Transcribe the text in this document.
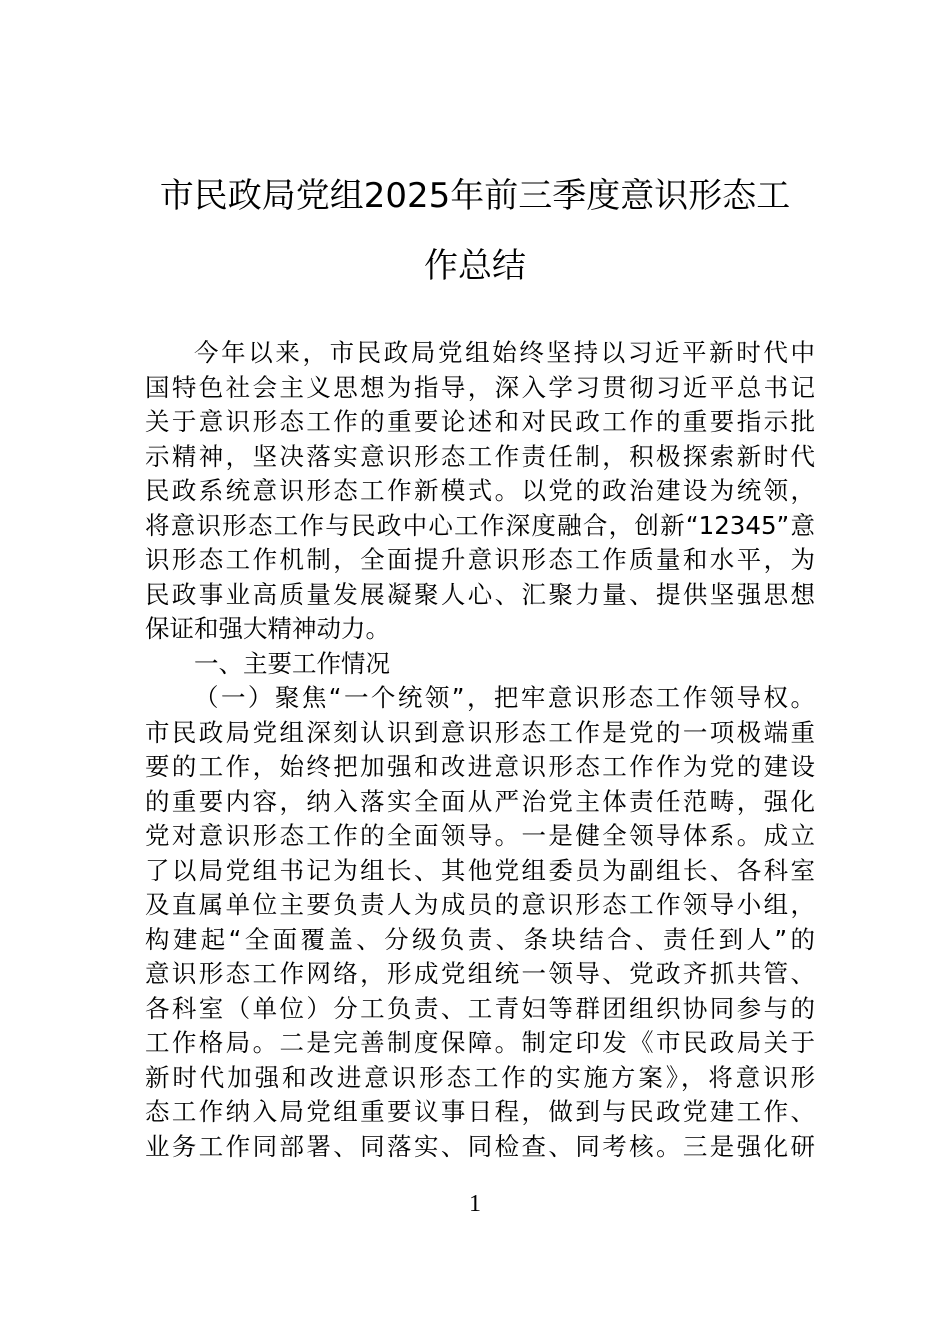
市民政局党组2025年前三季度意识形态工
作总结
今年以来，市民政局党组始终坚持以习近平新时代中
国特色社会主义思想为指导，深入学习贯彻习近平总书记
关于意识形态工作的重要论述和对民政工作的重要指示批
示精神，坚决落实意识形态工作责任制，积极探索新时代
民政系统意识形态工作新模式。以党的政治建设为统领，
将意识形态工作与民政中心工作深度融合，创新“12345”意
识形态工作机制，全面提升意识形态工作质量和水平，为
民政事业高质量发展凝聚人心、汇聚力量、提供坚强思想
保证和强大精神动力。
一、主要工作情况
（一）聚焦“一个统领”，把牢意识形态工作领导权。
市民政局党组深刻认识到意识形态工作是党的一项极端重
要的工作，始终把加强和改进意识形态工作作为党的建设
的重要内容，纳入落实全面从严治党主体责任范畴，强化
党对意识形态工作的全面领导。一是健全领导体系。成立
了以局党组书记为组长、其他党组委员为副组长、各科室
及直属单位主要负责人为成员的意识形态工作领导小组，
构建起“全面覆盖、分级负责、条块结合、责任到人”的
意识形态工作网络，形成党组统一领导、党政齐抓共管、
各科室（单位）分工负责、工青妇等群团组织协同参与的
工作格局。二是完善制度保障。制定印发《市民政局关于
新时代加强和改进意识形态工作的实施方案》，将意识形
态工作纳入局党组重要议事日程，做到与民政党建工作、
业务工作同部署、同落实、同检查、同考核。三是强化研
1
